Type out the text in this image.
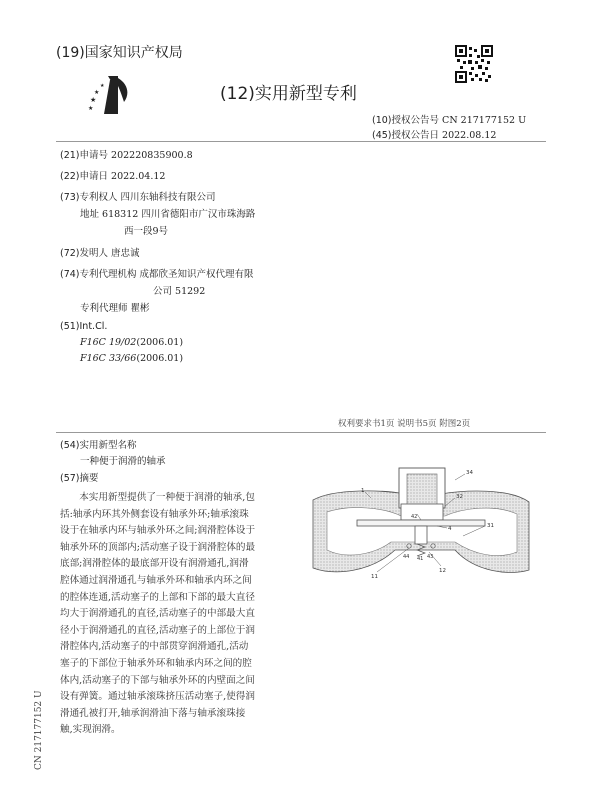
(19)国家知识产权局
★
★
★
★
(12)实用新型专利
(10)授权公告号 CN 217177152 U
(45)授权公告日 2022.08.12
(21)申请号 202220835900.8
(22)申请日 2022.04.12
(73)专利权人 四川东轴科技有限公司
地址 618312 四川省德阳市广汉市珠海路
西一段9号
(72)发明人 唐忠诚
(74)专利代理机构 成都欣圣知识产权代理有限
公司 51292
专利代理师 瞿彬
(51)Int.Cl.
F16C 19/02(2006.01)
F16C 33/66(2006.01)
权利要求书1页 说明书5页 附图2页
(54)实用新型名称
一种便于润滑的轴承
(57)摘要
本实用新型提供了一种便于润滑的轴承,包
括:轴承内环其外侧套设有轴承外环;轴承滚珠
设于在轴承内环与轴承外环之间;润滑腔体设于
轴承外环的顶部内;活动塞子设于润滑腔体的最
底部;润滑腔体的最底部开设有润滑通孔,润滑
腔体通过润滑通孔与轴承外环和轴承内环之间
的腔体连通,活动塞子的上部和下部的最大直径
均大于润滑通孔的直径,活动塞子的中部最大直
径小于润滑通孔的直径,活动塞子的上部位于润
滑腔体内,活动塞子的中部贯穿润滑通孔,活动
塞子的下部位于轴承外环和轴承内环之间的腔
体内,活动塞子的下部与轴承外环的内壁面之间
设有弹簧。通过轴承滚珠挤压活动塞子,使得润
滑通孔被打开,轴承润滑油下落与轴承滚珠接
触,实现润滑。
34
1
32
42
4	31
44 41
11
12
43
CN 217177152 U
